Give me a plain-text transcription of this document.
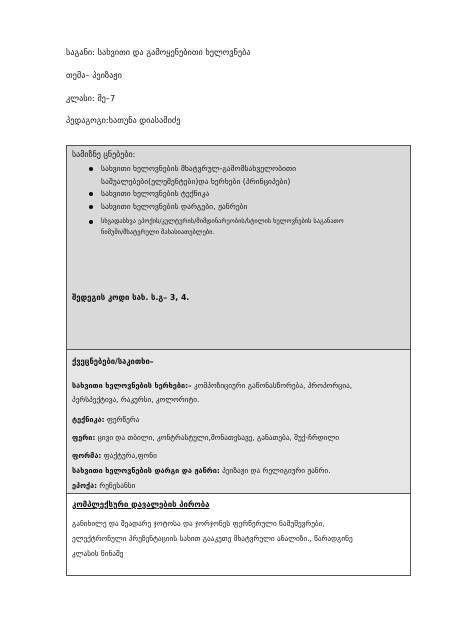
საგანი: სახვითი და გამოყენებითი ხელოვნება
თემა– პეიზაჟი
კლასი: მე–7
პედაგოგი:ხათუნა დიასამიძე
სამიზნე ცნებები:
სახვითი ხელოვნების მხატვრულ-გამომსახველობითი
საშუალებები(ელემენტები)და ხერხები (პრინციპები)
სახვითი ხელოვნების ტექნიკა
სახვითი ხელოვნების დარგები, ჟანრები
სხვადასხვა ეპოქის/კულტურის/მიმდინარეობის/სტილის ხელოვნების საგანათო
ნიმუში/მხატვრული მახასიათებლები.
შედეგის კოდი სახ. ს.გ– 3, 4.
ქვეცნებები/საკითხი–
სახვითი ხელოვნების ხერხები:– კომპოზიციური გაწონასწორება, პროპორცია,
პერსპექტივა, რაკურსი, კოლორიტი.
ტექნიკა: ფერწერა
ფერი: ცივი და თბილი, კონტრასტული,მონათესავე, განათება, შუქ-ჩრდილი
ფორმა: ფაქტურა,ფონი
სახვითი ხელოვნების დარგი და ჟანრი: პეიზაჟი და რელიგიური ჟანრი.
ეპოქა: რენესანსი
კომპლექსური დავალების პირობა
განიხილე და შეადარე ჯოტოსა და ჯორჯონეს ფერწერული ნამუშევრები,
ელექტრონული პრეზენტაციის სახით გააკეთე მხატვრული ანალიზი., წარადგინე
კლასის წინაშე
